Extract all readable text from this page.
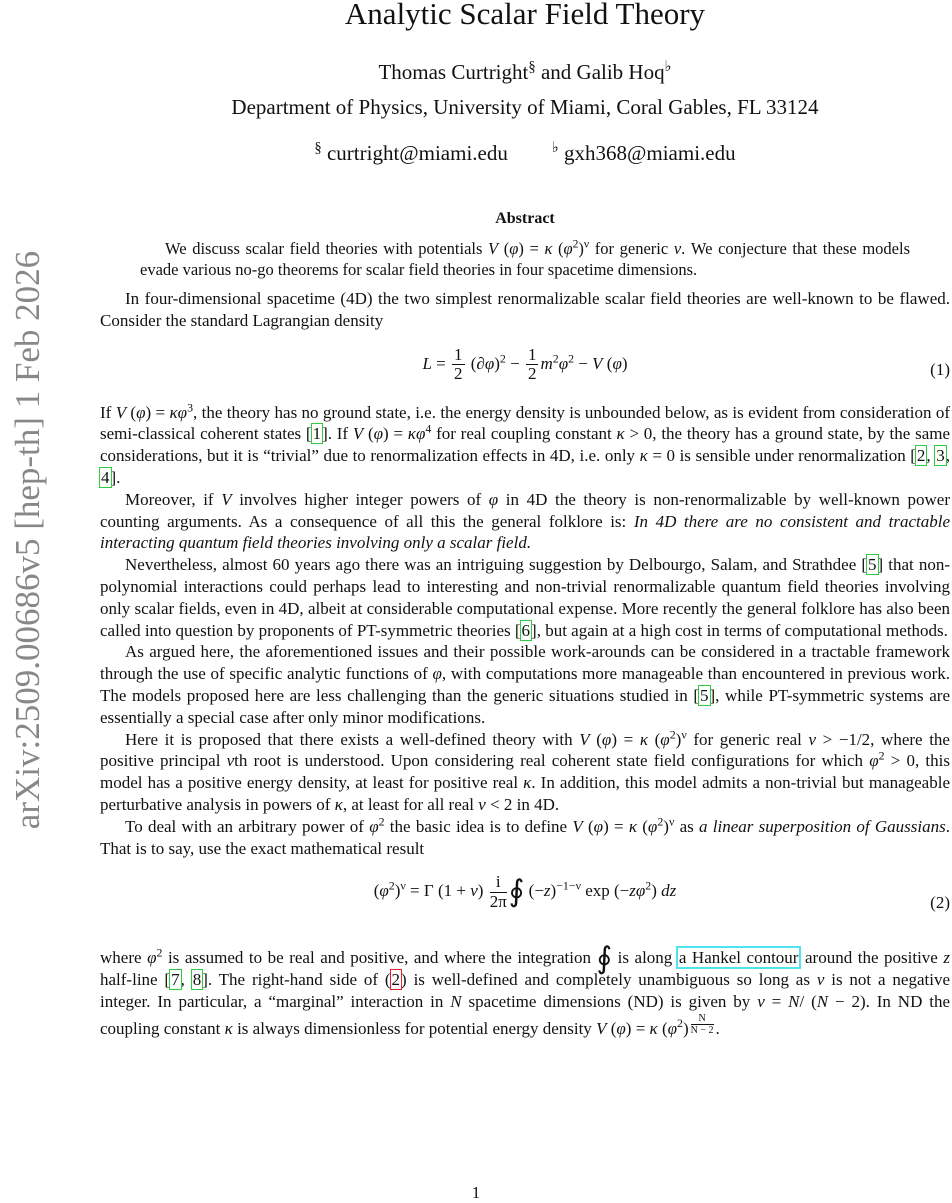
arXiv:2509.00686v5 [hep-th] 1 Feb 2026
Analytic Scalar Field Theory
Thomas Curtright§ and Galib Hoq♭
Department of Physics, University of Miami, Coral Gables, FL 33124
§ curtright@miami.edu	♭ gxh368@miami.edu
Abstract
We discuss scalar field theories with potentials V (φ) = κ $(\varphi^2)^\nu$ for generic ν. We conjecture that these models evade various no-go theorems for scalar field theories in four spacetime dimensions.

In four-dimensional spacetime (4D) the two simplest renormalizable scalar field theories are well-known to be flawed. Consider the standard Lagrangian density

$L = \frac{1}{2} (\partial\varphi)^2 - \frac{1}{2} m^2\varphi^2 - V$ (φ)	(1)

If V $(\varphi) = \kappa\varphi^3$, the theory has no ground state, i.e. the energy density is unbounded below, as is evident from consideration of semi-classical coherent states [1]. If V $(\varphi) = \kappa\varphi^4$ for real coupling constant κ > 0, the theory has a ground state, by the same considerations, but it is “trivial” due to renormalization effects in 4D, i.e. only κ = 0 is sensible under renormalization [2, 3, 4].

Moreover, if V involves higher integer powers of φ in 4D the theory is non-renormalizable by well-known power counting arguments. As a consequence of all this the general folklore is: In 4D there are no consistent and tractable interacting quantum field theories involving only a scalar field.

Nevertheless, almost 60 years ago there was an intriguing suggestion by Delbourgo, Salam, and Strathdee [5] that non-polynomial interactions could perhaps lead to interesting and non-trivial renormalizable quantum field theories involving only scalar fields, even in 4D, albeit at considerable computational expense. More recently the general folklore has also been called into question by proponents of PT-symmetric theories [6], but again at a high cost in terms of computational methods.

As argued here, the aforementioned issues and their possible work-arounds can be considered in a tractable framework through the use of specific analytic functions of φ, with computations more manageable than encountered in previous work. The models proposed here are less challenging than the generic situations studied in [5], while PT-symmetric systems are essentially a special case after only minor modifications.

Here it is proposed that there exists a well-defined theory with V (φ) = κ $(\varphi^2)^\nu$ for generic real ν > −1/2, where the positive principal νth root is understood. Upon considering real coherent state field configurations for which $\varphi^2 > 0$, this model has a positive energy density, at least for positive real κ. In addition, this model admits a non-trivial but manageable perturbative analysis in powers of κ, at least for all real ν < 2 in 4D.

To deal with an arbitrary power of $\varphi^2$ the basic idea is to define V (φ) = κ $(\varphi^2)^\nu$ as a linear superposition of Gaussians. That is to say, use the exact mathematical result

$(\varphi^2)^\nu = \Gamma$ $(1 + \nu) \frac{i}{2\pi}$ ∮ $(-z)^{-1-\nu}$ $\exp (-z\varphi^2)$ dz
(2)

where $\varphi^2$ is assumed to be real and positive, and where the integration ∮ is along a Hankel contour around the positive z half-line [7, 8]. The right-hand side of (2) is well-defined and completely unambiguous so long as ν is not a negative integer. In particular, a “marginal” interaction in N spacetime dimensions (ND) is given by ν = N/ (N − 2). In ND the coupling constant κ is always dimensionless for potential energy density V (φ) = κ $(\varphi^2)$ $^{\frac{N}{N - 2}}$ .

1
